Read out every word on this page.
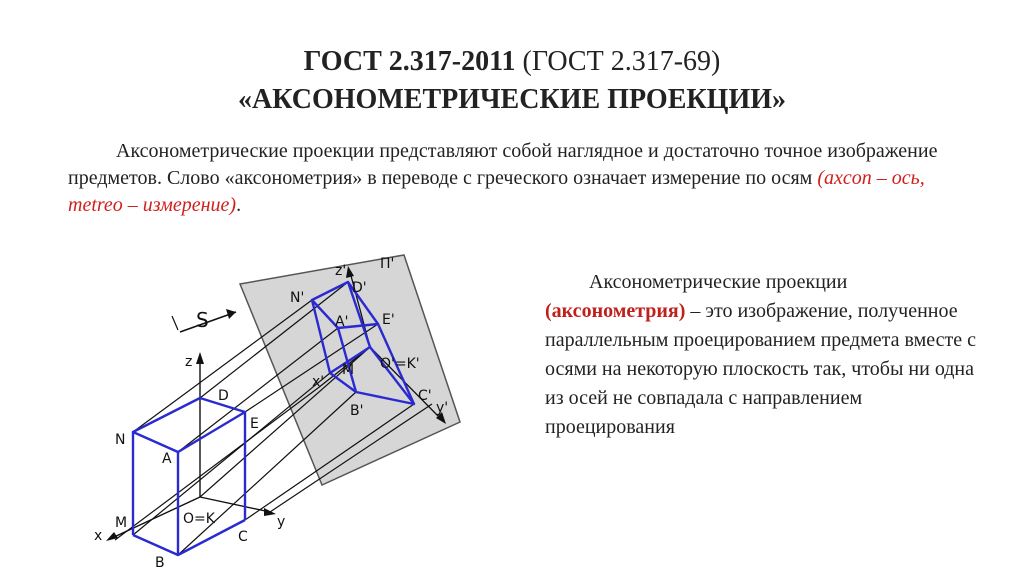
ГОСТ 2.317-2011 (ГОСТ 2.317-69)
«АКСОНОМЕТРИЧЕСКИЕ ПРОЕКЦИИ»
Аксонометрические проекции представляют собой наглядное и достаточно точное изображение предметов. Слово «аксонометрия» в переводе с греческого означает измерение по осям (axcon – ось, metreo – измерение).
S
П'
z'
D'
N'
A' E'
M O'=K'
x'
C'
B'	y'
z
D
N
E
A
M	O=K	y
x	C
B
Аксонометрические проекции (аксонометрия) – это изображение, полученное параллельным проецированием предмета вместе с осями на некоторую плоскость так, чтобы ни одна из осей не совпадала с направлением проецирования
